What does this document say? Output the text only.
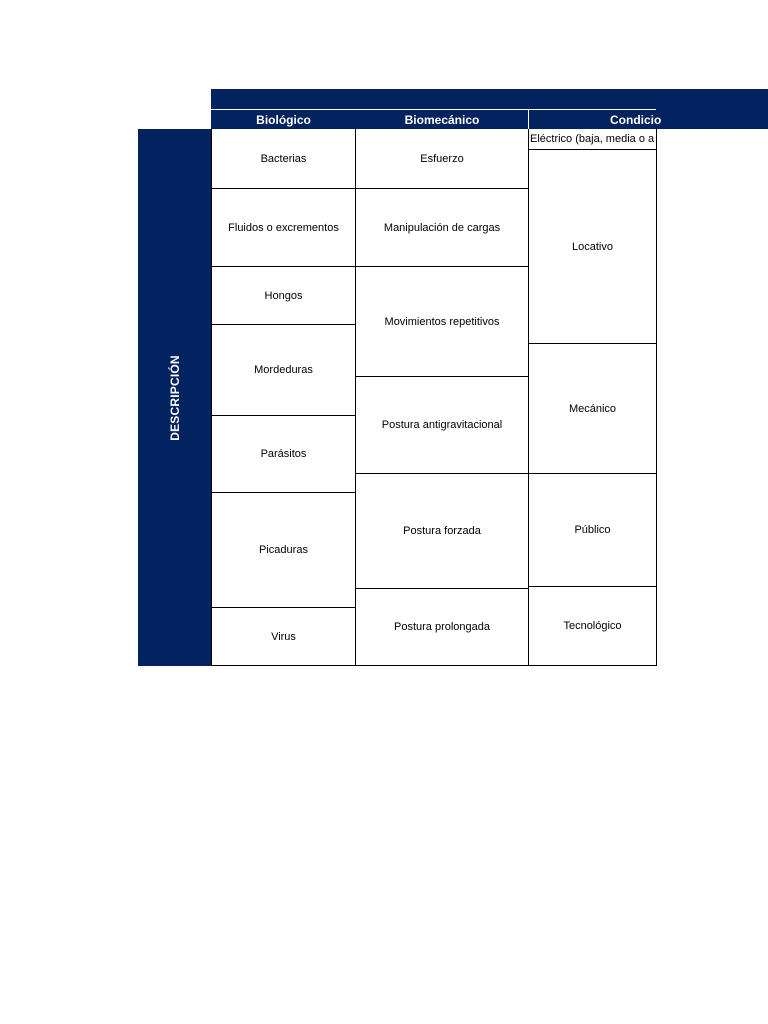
Biológico	Biomecánico	Condicio
DESCRIPCIÓN
Bacterias
Fluidos o excrementos
Hongos
Mordeduras
Parásitos
Picaduras
Virus
Esfuerzo
Manipulación de cargas
Movimientos repetitivos
Postura antigravitacional
Postura forzada
Postura prolongada
Eléctrico (baja, media o a
Locativo
Mecánico
Público
Tecnológico
